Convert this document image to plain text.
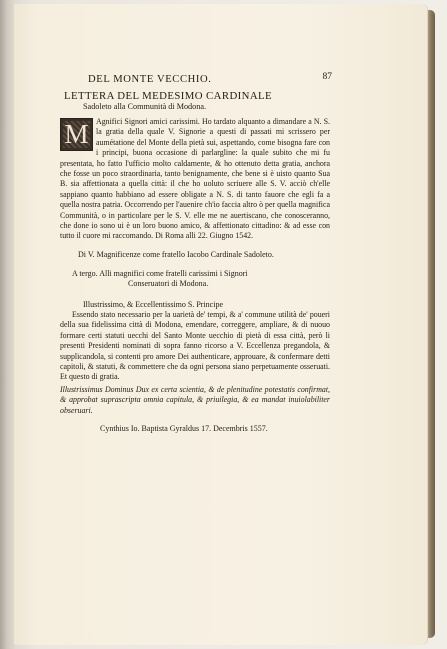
DEL MONTE VECCHIO.	87
LETTERA DEL MEDESIMO CARDINALE
Sadoleto alla Communità di Modona.
M Agnifici Signori amici carissimi. Ho tardato alquanto a dimandare a N. S. la gratia della quale V. Signorie a questi di passati mi scrissero per aumétatione del Monte della pietà sui, aspettando, come bisogna fare con i principi, buona occasione di parlargline: la quale subito che mi fu presentata, ho fatto l'ufficio molto caldamente, & ho ottenuto detta gratia, anchora che fosse un poco straordinaria, tanto benignamente, che bene si è uisto quanto Sua B. sia affettionata a quella città: il che ho uoluto scriuere alle S. V. acciò ch'elle sappiano quanto habbiano ad essere obligate a N. S. di tanto fauore che egli fa a quella nostra patria. Occorrendo per l'auenire ch'io faccia altro ò per quella magnifica Communità, o in particolare per le S. V. elle me ne auertiscano, che conosceranno, che done io sono ui è un loro buono amico, & affettionato cittadino: & ad esse con tutto il cuore mi raccomando. Di Roma alli 22. Giugno 1542.
Di V. Magnificenze come fratello Iacobo Cardinale Sadoleto.
A tergo. Alli magnifici come fratelli carissimi i Signori
Conseruatori di Modona.
Illustrissimo, & Eccellentissimo S. Principe

Essendo stato necessario per la uarietà de' tempi, & a' commune utilità de' poueri della sua fidelissima città di Modona, emendare, correggere, ampliare, & di nuouo formare certi statuti uecchi del Santo Monte uecchio di pietà di essa città, però li presenti Presidenti nominati di sopra fanno ricorso a V. Eccellenza pregandola, & supplicandola, si contenti pro amore Dei authenticare, approuare, & confermare detti capitoli, & statuti, & commettere che da ogni persona siano perpetuamente osseruati. Et questo di gratia.

Illustrissimus Dominus Dux ex certa scientia, & de plenitudine potestatis confirmat, & approbat suprascripta omnia capitula, & priuilegia, & ea mandat inuiolabiliter obseruari.

Cynthius Io. Baptista Gyraldus 17. Decembris 1557.
